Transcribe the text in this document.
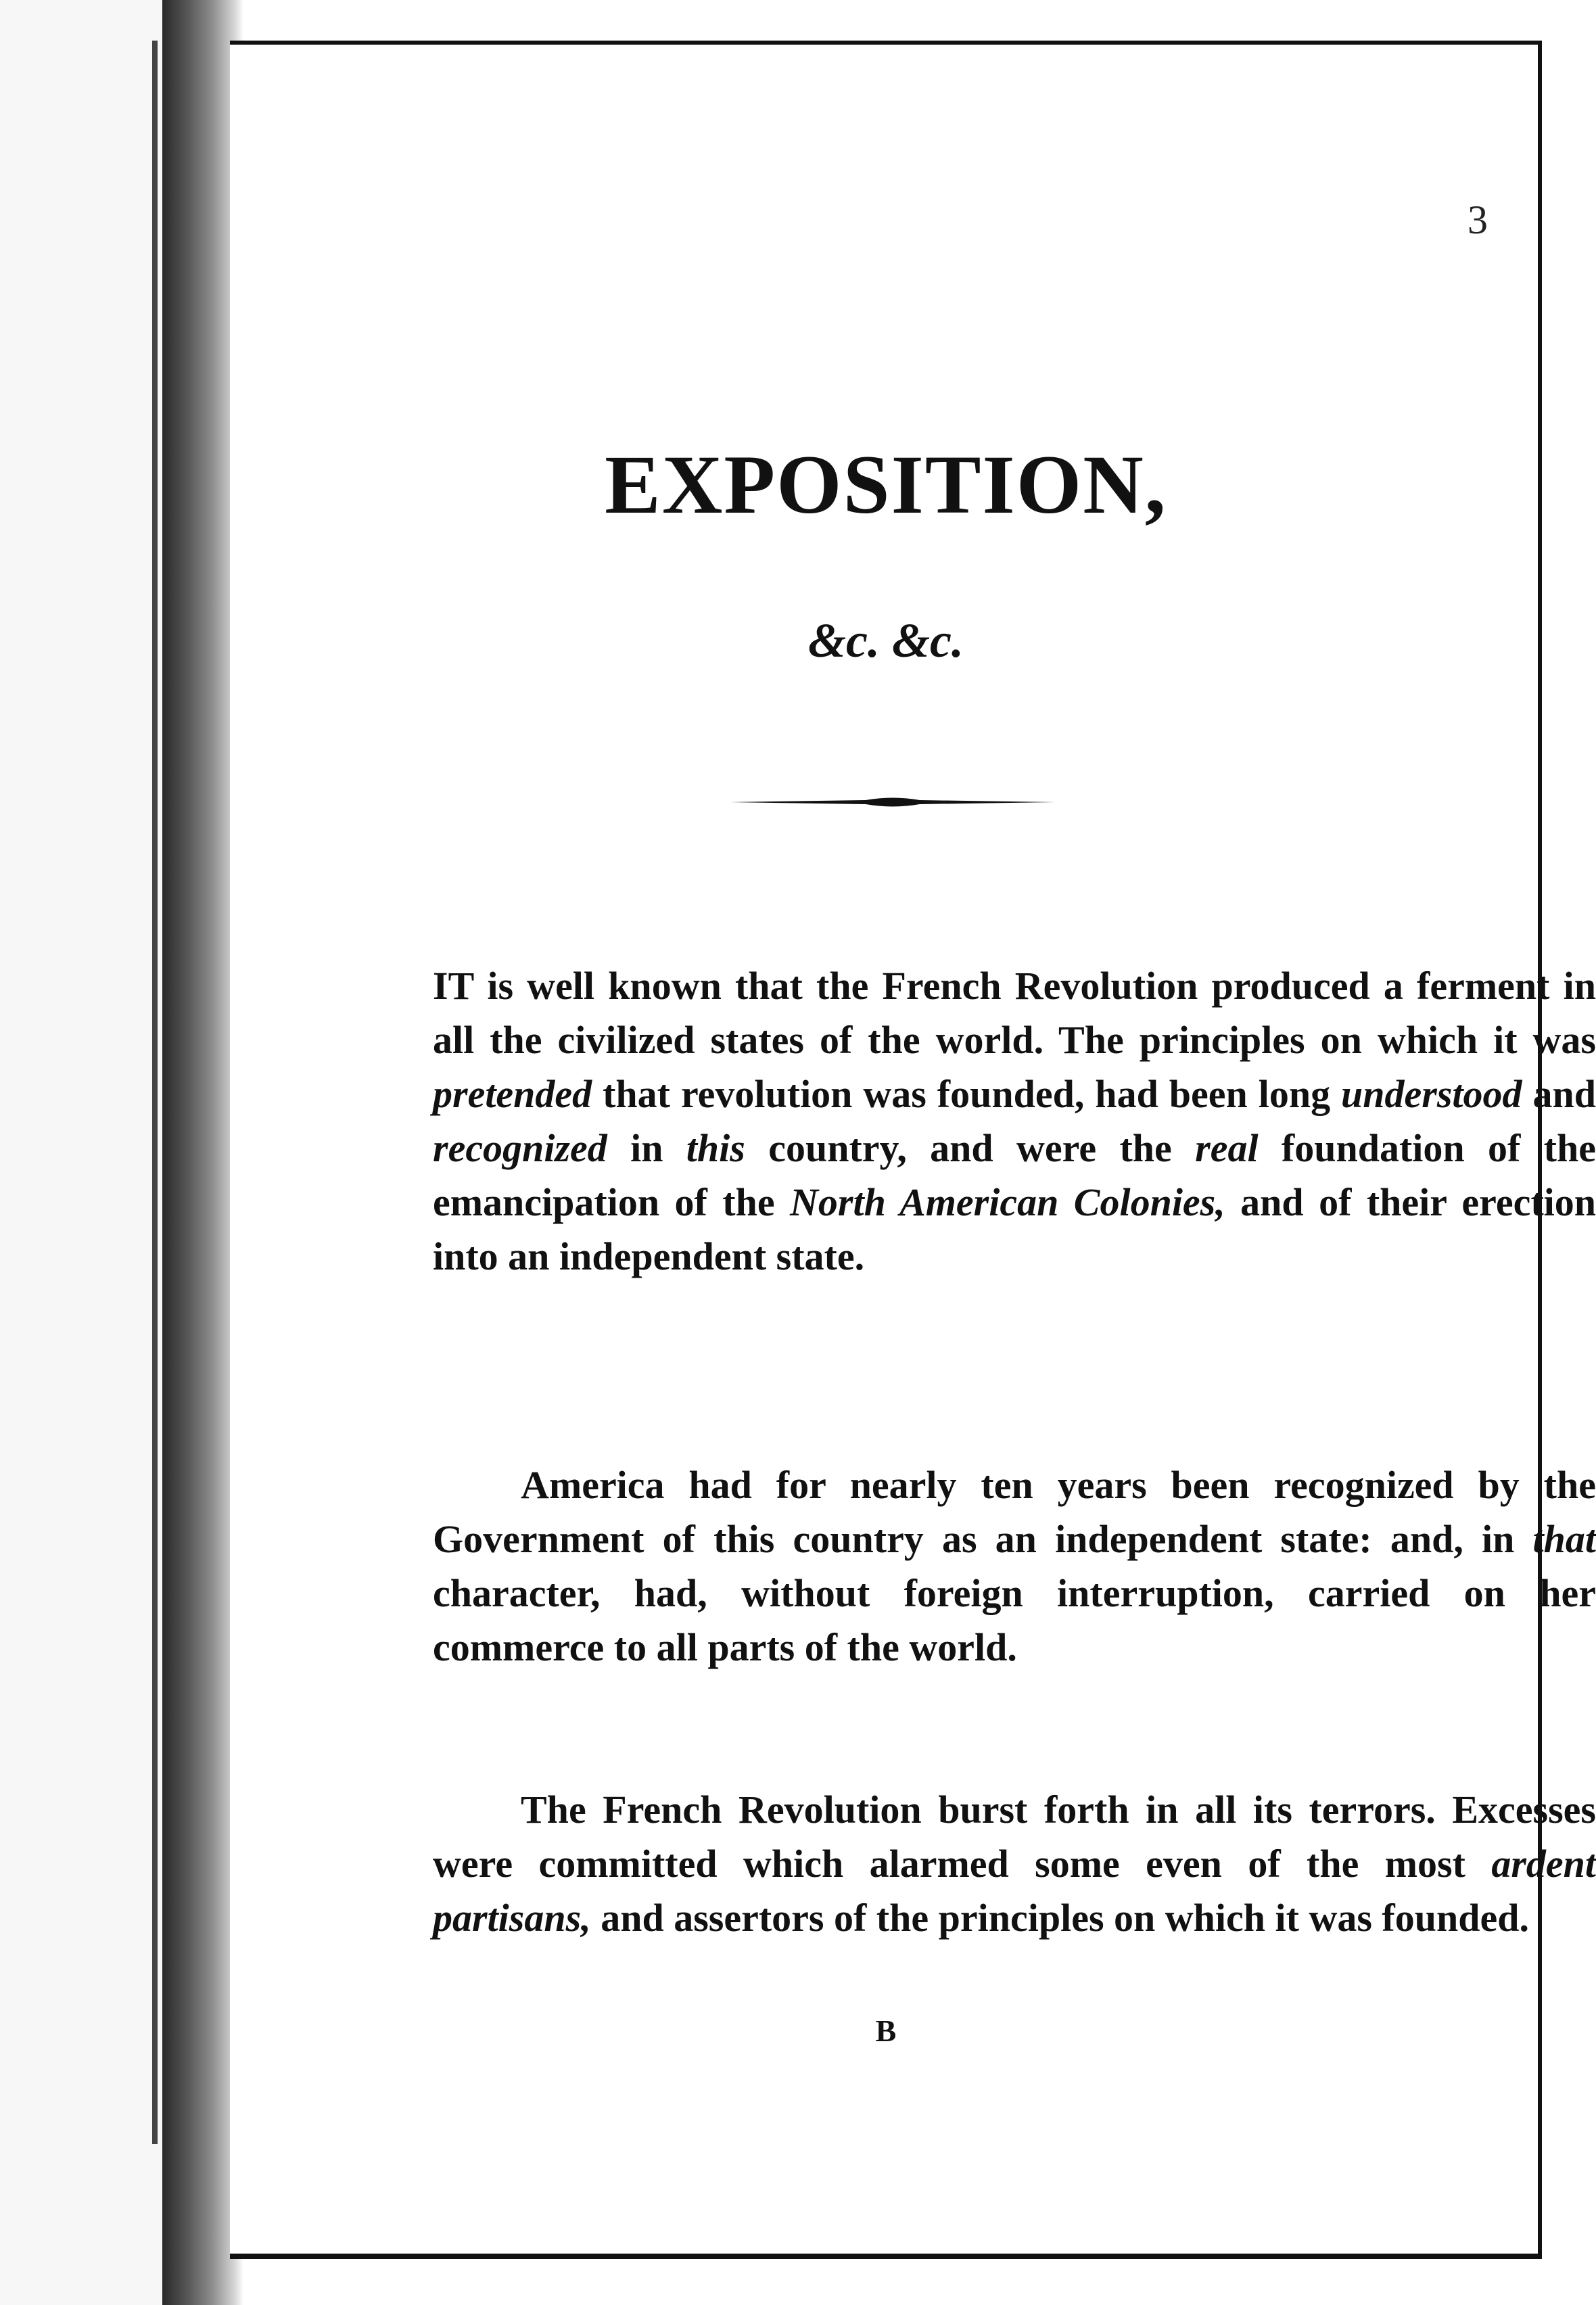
3
EXPOSITION,
&c. &c.

IT is well known that the French Revolution produced a ferment in all the civilized states of the world. The principles on which it was pretended that revolution was founded, had been long understood and recognized in this country, and were the real foundation of the emancipation of the North American Colonies, and of their erection into an independent state.

America had for nearly ten years been recognized by the Government of this country as an independent state: and, in that character, had, without foreign interruption, carried on her commerce to all parts of the world.

The French Revolution burst forth in all its terrors. Excesses were committed which alarmed some even of the most ardent partisans, and assertors of the principles on which it was founded.

B
